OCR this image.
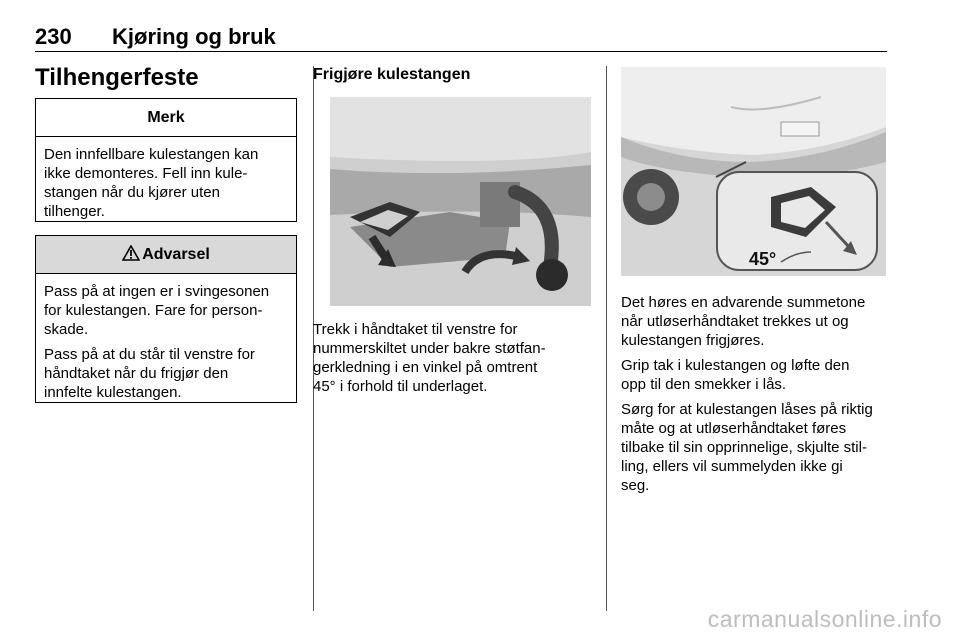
230 Kjøring og bruk
Tilhengerfeste
Merk
Den innfellbare kulestangen kan
ikke demonteres. Fell inn kule-
stangen når du kjører uten
tilhenger.
Advarsel

Pass på at ingen er i svingesonen
for kulestangen. Fare for person-
skade.

Pass på at du står til venstre for
håndtaket når du frigjør den
innfelte kulestangen.

Frigjøre kulestangen
45°

Trekk i håndtaket til venstre for
nummerskiltet under bakre støtfan-
gerkledning i en vinkel på omtrent
45° i forhold til underlaget.

Det høres en advarende summetone
når utløserhåndtaket trekkes ut og
kulestangen frigjøres.

Grip tak i kulestangen og løfte den
opp til den smekker i lås.

Sørg for at kulestangen låses på riktig
måte og at utløserhåndtaket føres
tilbake til sin opprinnelige, skjulte stil-
ling, ellers vil summelyden ikke gi
seg.

carmanualsonline.info
